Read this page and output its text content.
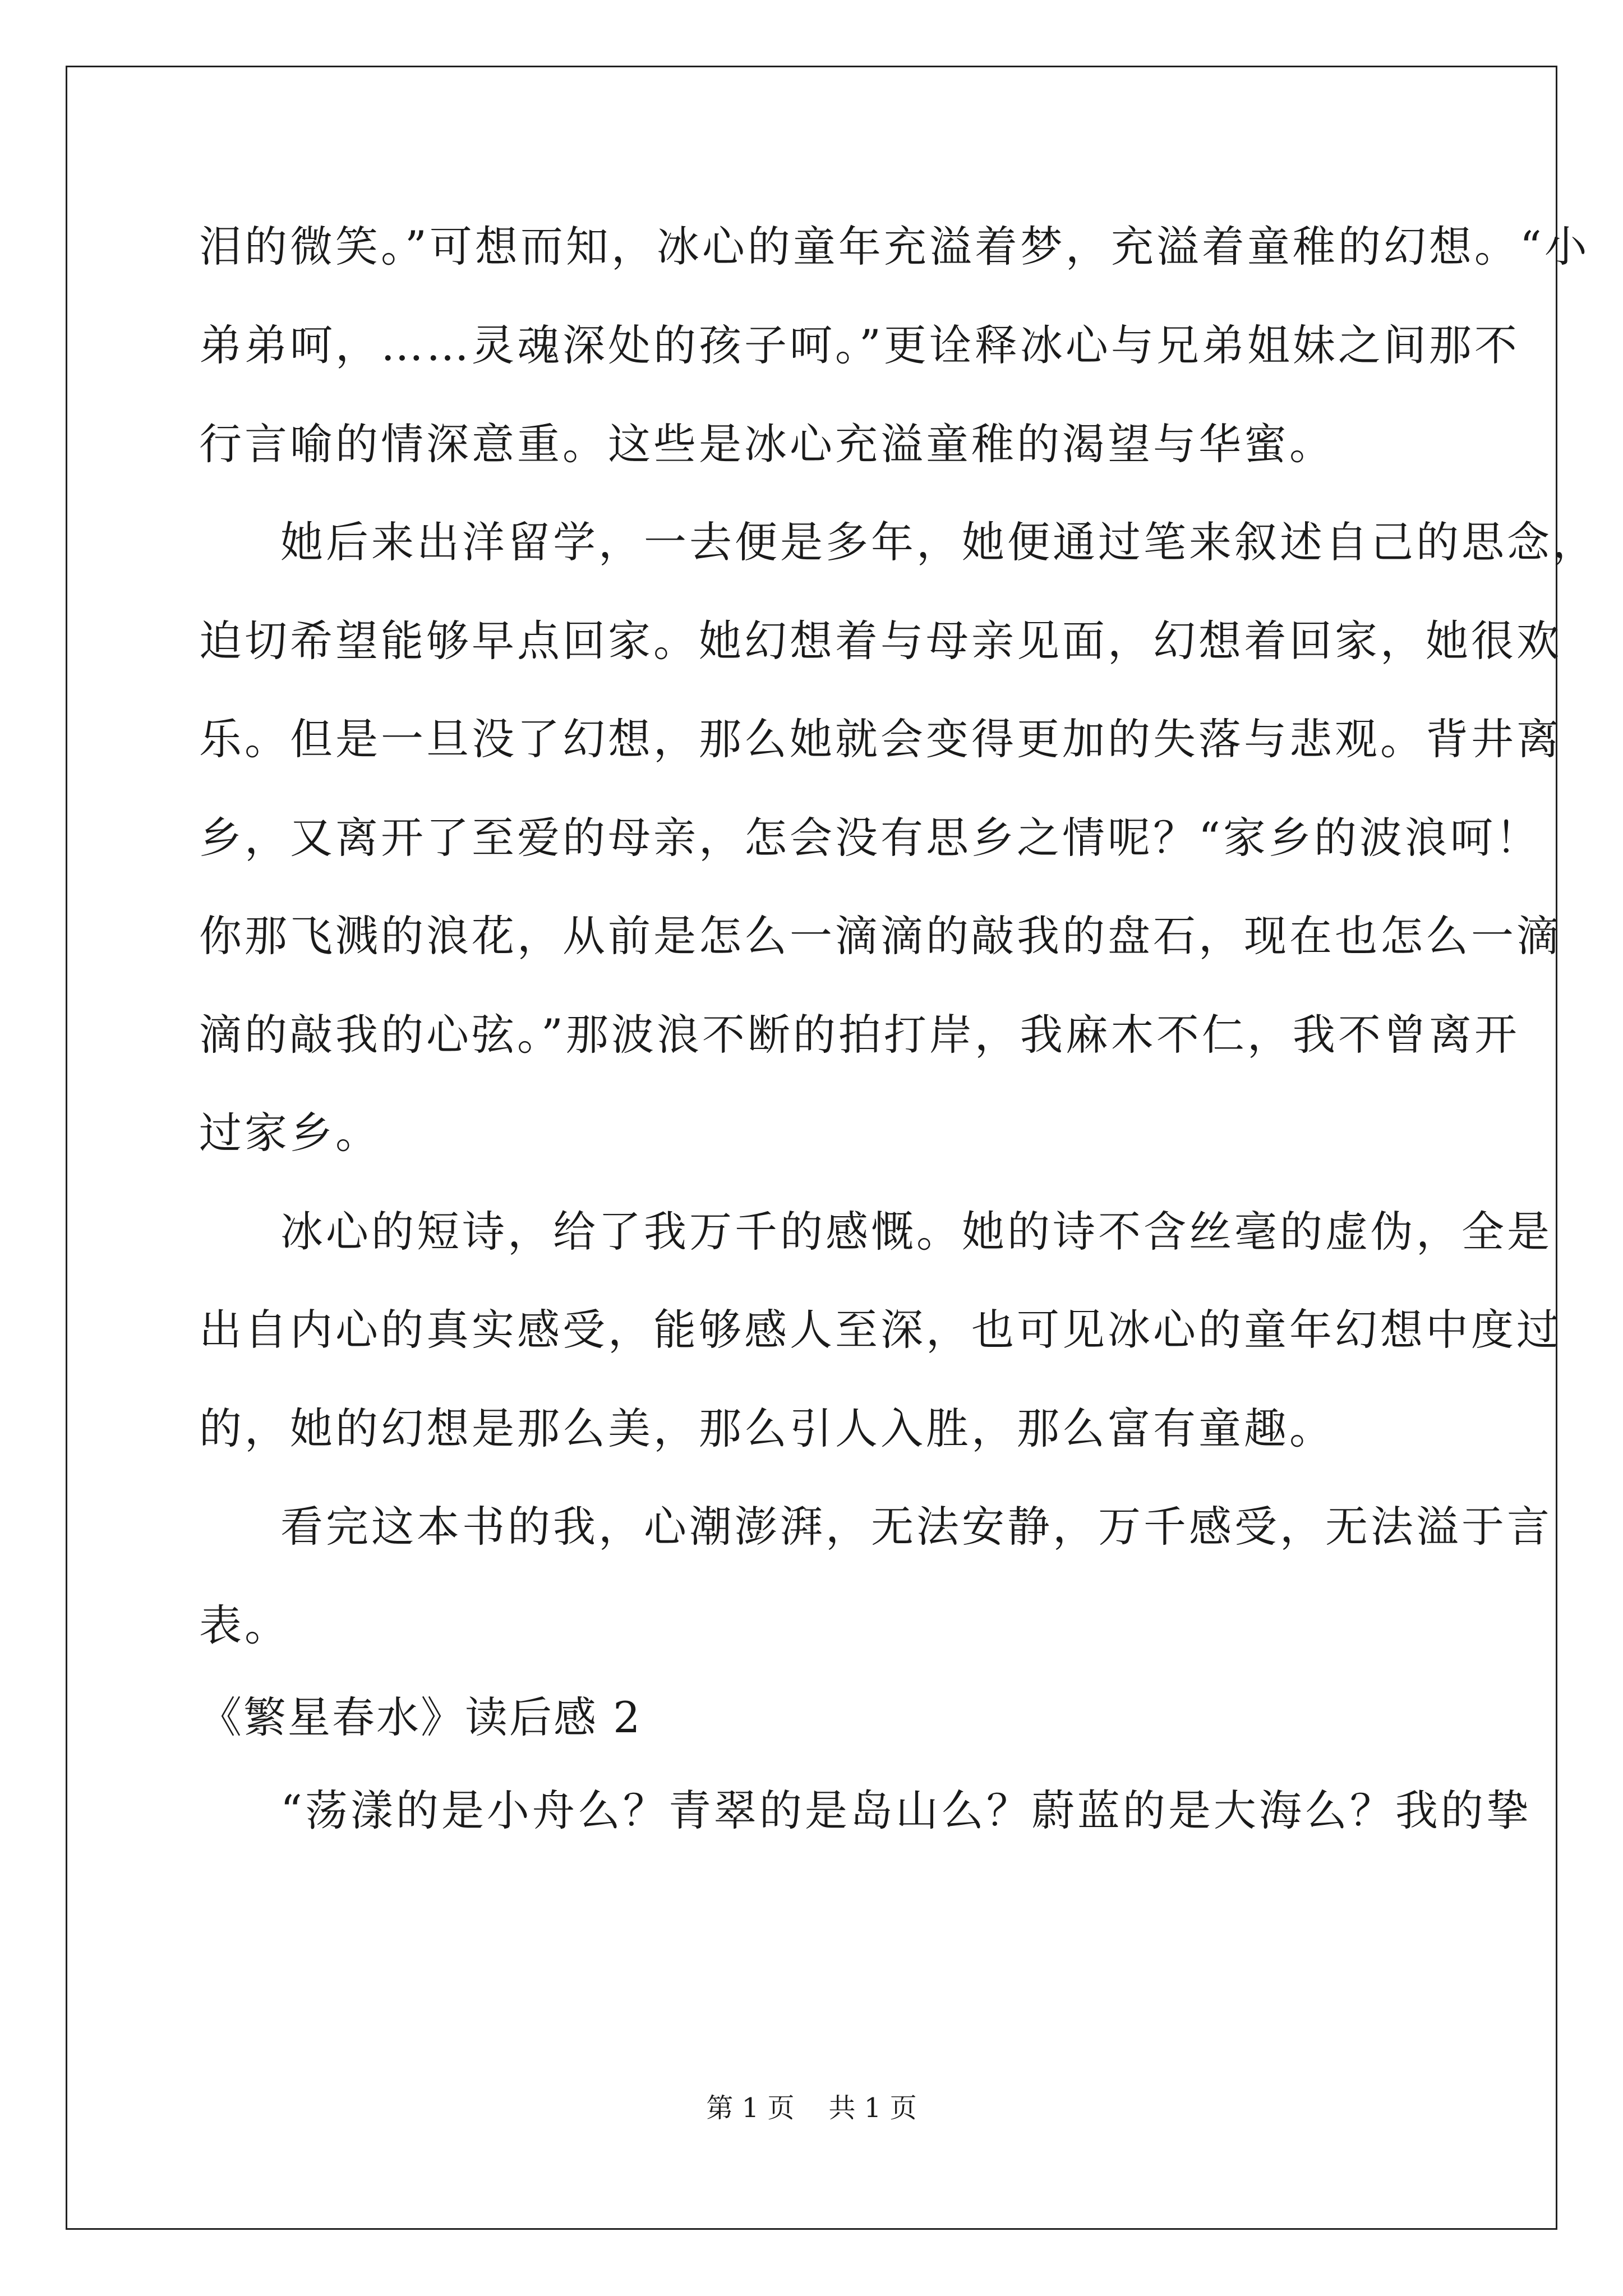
泪的微笑。”可想而知，冰心的童年充溢着梦，充溢着童稚的幻想。“小
弟弟呵，……灵魂深处的孩子呵。”更诠释冰心与兄弟姐妹之间那不
行言喻的情深意重。这些是冰心充溢童稚的渴望与华蜜。
她后来出洋留学，一去便是多年，她便通过笔来叙述自己的思念，
迫切希望能够早点回家。她幻想着与母亲见面，幻想着回家，她很欢
乐。但是一旦没了幻想，那么她就会变得更加的失落与悲观。背井离
乡，又离开了至爱的母亲，怎会没有思乡之情呢？“家乡的波浪呵！
你那飞溅的浪花，从前是怎么一滴滴的敲我的盘石，现在也怎么一滴
滴的敲我的心弦。”那波浪不断的拍打岸，我麻木不仁，我不曾离开
过家乡。
冰心的短诗，给了我万千的感慨。她的诗不含丝毫的虚伪，全是
出自内心的真实感受，能够感人至深，也可见冰心的童年幻想中度过
的，她的幻想是那么美，那么引人入胜，那么富有童趣。
看完这本书的我，心潮澎湃，无法安静，万千感受，无法溢于言
表。
《繁星春水》读后感 2
“荡漾的是小舟么？青翠的是岛山么？蔚蓝的是大海么？我的挚
第 1 页    共 1 页
